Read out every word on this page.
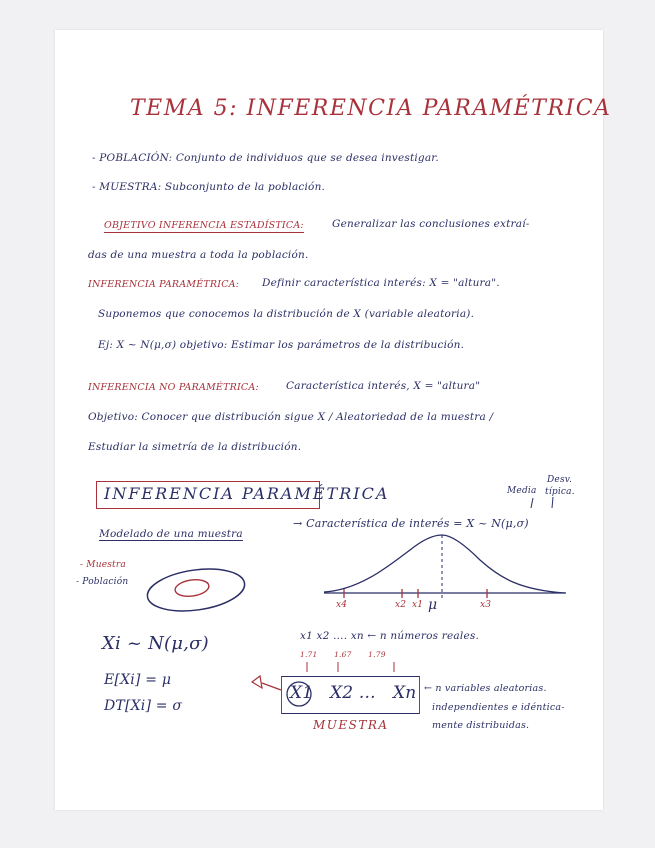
TEMA 5: INFERENCIA PARAMÉTRICA
- POBLACIÓN: Conjunto de individuos que se desea investigar.
- MUESTRA: Subconjunto de la población.
OBJETIVO INFERENCIA ESTADÍSTICA:	Generalizar las conclusiones extraí-
das de una muestra a toda la población.
INFERENCIA PARAMÉTRICA: Definir característica interés: X = "altura".
Suponemos que conocemos la distribución de X (variable aleatoria).
Ej: X ~ N(μ,σ) objetivo: Estimar los parámetros de la distribución.
INFERENCIA NO PARAMÉTRICA:	Característica interés, X = "altura"
Objetivo: Conocer que distribución sigue X / Aleatoriedad de la muestra /
Estudiar la simetría de la distribución.
INFERENCIA PARAMÉTRICA
Modelado de una muestra
- Muestra
- Población
→ Característica de interés = X ~ N(μ,σ)
Media
Desv.
típica.
x4	x2 x1 μ	x3
x1 x2 .... xn ← n números reales.
1.71 1.67 1.79
Xi ~ N(μ,σ)
E[Xi] = μ
DT[Xi] = σ
X1 X2 ... Xn
MUESTRA
← n variables aleatorias.
independientes e idéntica-
mente distribuidas.
